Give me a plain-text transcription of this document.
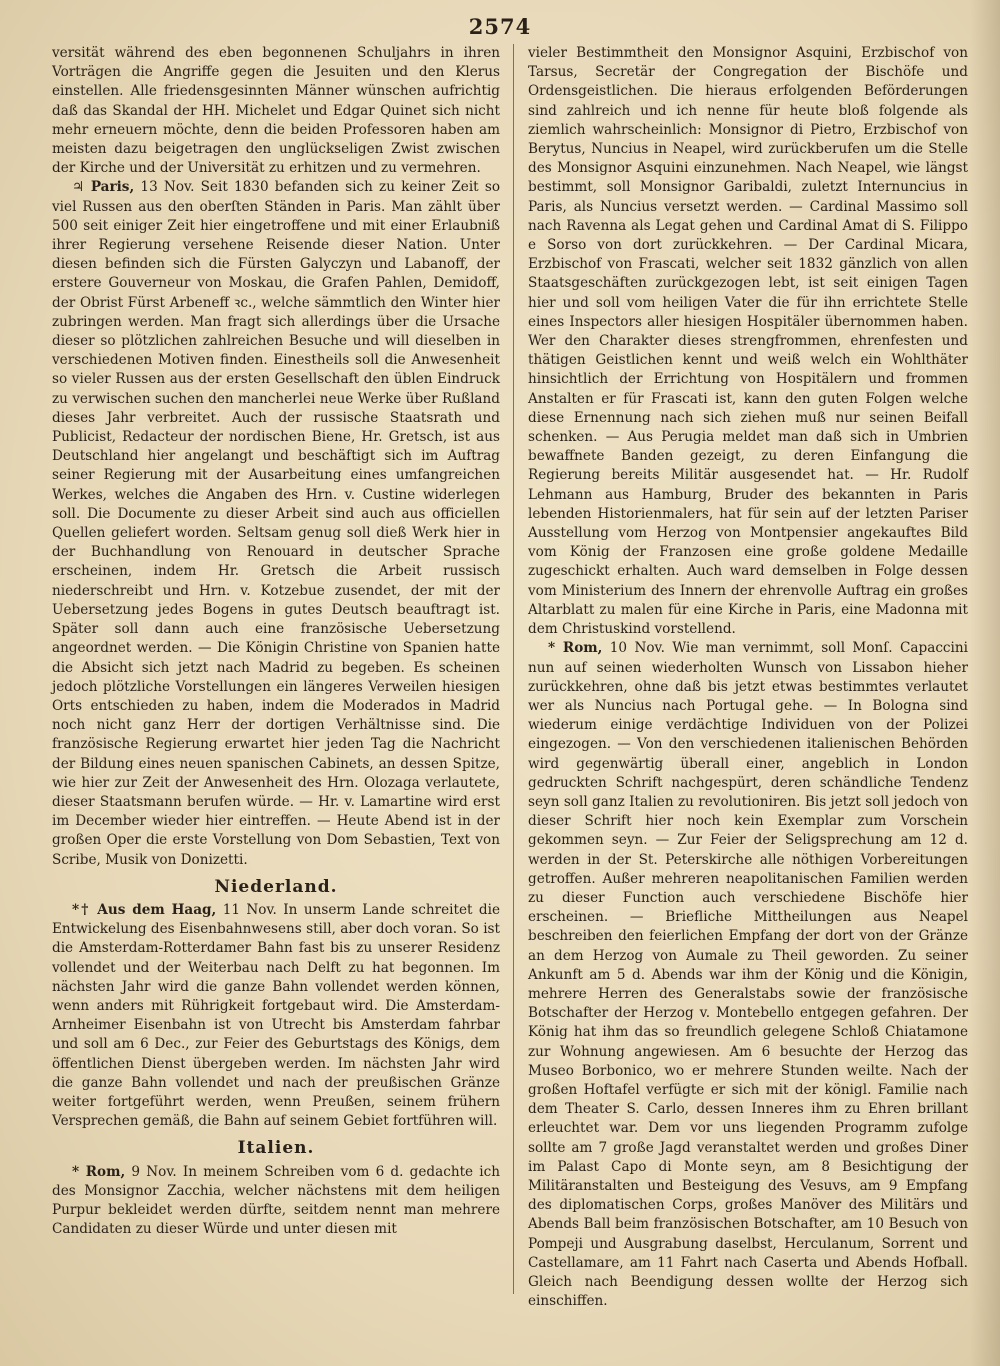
2574

versität während des eben begonnenen Schuljahrs in ihren Vorträgen die Angriffe gegen die Jesuiten und den Klerus einstellen. Alle friedensgesinnten Männer wünschen aufrichtig daß das Skandal der HH. Michelet und Edgar Quinet sich nicht mehr erneuern möchte, denn die beiden Professoren haben am meisten dazu beigetragen den unglückseligen Zwist zwischen der Kirche und der Universität zu erhitzen und zu vermehren.

♃ Paris, 13 Nov. Seit 1830 befanden sich zu keiner Zeit so viel Russen aus den oberſten Ständen in Paris. Man zählt über 500 seit einiger Zeit hier eingetroffene und mit einer Erlaubniß ihrer Regierung versehene Reisende dieser Nation. Unter diesen befinden sich die Fürsten Galyczyn und Labanoff, der erstere Gouverneur von Moskau, die Grafen Pahlen, Demidoff, der Obrist Fürst Arbeneff ꝛc., welche sämmtlich den Winter hier zubringen werden. Man fragt sich allerdings über die Ursache dieser so plötzlichen zahlreichen Besuche und will dieselben in verschiedenen Motiven finden. Einestheils soll die Anwesenheit so vieler Russen aus der ersten Gesellschaft den üblen Eindruck zu verwischen suchen den mancherlei neue Werke über Rußland dieses Jahr verbreitet. Auch der russische Staatsrath und Publicist, Redacteur der nordischen Biene, Hr. Gretsch, ist aus Deutschland hier angelangt und beschäftigt sich im Auftrag seiner Regierung mit der Ausarbeitung eines umfangreichen Werkes, welches die Angaben des Hrn. v. Custine widerlegen soll. Die Documente zu dieser Arbeit sind auch aus officiellen Quellen geliefert worden. Seltsam genug soll dieß Werk hier in der Buchhandlung von Renouard in deutscher Sprache erscheinen, indem Hr. Gretsch die Arbeit russisch niederschreibt und Hrn. v. Kotzebue zusendet, der mit der Uebersetzung jedes Bogens in gutes Deutsch beauftragt ist. Später soll dann auch eine französische Uebersetzung angeordnet werden. — Die Königin Christine von Spanien hatte die Absicht sich jetzt nach Madrid zu begeben. Es scheinen jedoch plötzliche Vorstellungen ein längeres Verweilen hiesigen Orts entschieden zu haben, indem die Moderados in Madrid noch nicht ganz Herr der dortigen Verhältnisse sind. Die französische Regierung erwartet hier jeden Tag die Nachricht der Bildung eines neuen spanischen Cabinets, an dessen Spitze, wie hier zur Zeit der Anwesenheit des Hrn. Olozaga verlautete, dieser Staatsmann berufen würde. — Hr. v. Lamartine wird erst im December wieder hier eintreffen. — Heute Abend ist in der großen Oper die erste Vorstellung von Dom Sebastien, Text von Scribe, Musik von Donizetti.

Niederland.

*† Aus dem Haag, 11 Nov. In unserm Lande schreitet die Entwickelung des Eisenbahnwesens still, aber doch voran. So ist die Amsterdam-Rotterdamer Bahn fast bis zu unserer Residenz vollendet und der Weiterbau nach Delft zu hat begonnen. Im nächsten Jahr wird die ganze Bahn vollendet werden können, wenn anders mit Rührigkeit fortgebaut wird. Die Amsterdam-Arnheimer Eisenbahn ist von Utrecht bis Amsterdam fahrbar und soll am 6 Dec., zur Feier des Geburtstags des Königs, dem öffentlichen Dienst übergeben werden. Im nächsten Jahr wird die ganze Bahn vollendet und nach der preußischen Gränze weiter fortgeführt werden, wenn Preußen, seinem frühern Versprechen gemäß, die Bahn auf seinem Gebiet fortführen will.

Italien.

* Rom, 9 Nov. In meinem Schreiben vom 6 d. gedachte ich des Monsignor Zacchia, welcher nächstens mit dem heiligen Purpur bekleidet werden dürfte, seitdem nennt man mehrere Candidaten zu dieser Würde und unter diesen mit

vieler Bestimmtheit den Monsignor Asquini, Erzbischof von Tarsus, Secretär der Congregation der Bischöfe und Ordensgeistlichen. Die hieraus erfolgenden Beförderungen sind zahlreich und ich nenne für heute bloß folgende als ziemlich wahrscheinlich: Monsignor di Pietro, Erzbischof von Berytus, Nuncius in Neapel, wird zurückberufen um die Stelle des Monsignor Asquini einzunehmen. Nach Neapel, wie längst bestimmt, soll Monsignor Garibaldi, zuletzt Internuncius in Paris, als Nuncius versetzt werden. — Cardinal Massimo soll nach Ravenna als Legat gehen und Cardinal Amat di S. Filippo e Sorso von dort zurückkehren. — Der Cardinal Micara, Erzbischof von Frascati, welcher seit 1832 gänzlich von allen Staatsgeschäften zurückgezogen lebt, ist seit einigen Tagen hier und soll vom heiligen Vater die für ihn errichtete Stelle eines Inspectors aller hiesigen Hospitäler übernommen haben. Wer den Charakter dieses strengfrommen, ehrenfesten und thätigen Geistlichen kennt und weiß welch ein Wohlthäter hinsichtlich der Errichtung von Hospitälern und frommen Anstalten er für Frascati ist, kann den guten Folgen welche diese Ernennung nach sich ziehen muß nur seinen Beifall schenken. — Aus Perugia meldet man daß sich in Umbrien bewaffnete Banden gezeigt, zu deren Einfangung die Regierung bereits Militär ausgesendet hat. — Hr. Rudolf Lehmann aus Hamburg, Bruder des bekannten in Paris lebenden Historienmalers, hat für sein auf der letzten Pariser Ausstellung vom Herzog von Montpensier angekauftes Bild vom König der Franzosen eine große goldene Medaille zugeschickt erhalten. Auch ward demselben in Folge dessen vom Ministerium des Innern der ehrenvolle Auftrag ein großes Altarblatt zu malen für eine Kirche in Paris, eine Madonna mit dem Christuskind vorstellend.

* Rom, 10 Nov. Wie man vernimmt, soll Monſ. Capaccini nun auf seinen wiederholten Wunsch von Lissabon hieher zurückkehren, ohne daß bis jetzt etwas bestimmtes verlautet wer als Nuncius nach Portugal gehe. — In Bologna sind wiederum einige verdächtige Individuen von der Polizei eingezogen. — Von den verschiedenen italienischen Behörden wird gegenwärtig überall einer, angeblich in London gedruckten Schrift nachgespürt, deren schändliche Tendenz seyn soll ganz Italien zu revolutioniren. Bis jetzt soll jedoch von dieser Schrift hier noch kein Exemplar zum Vorschein gekommen seyn. — Zur Feier der Seligsprechung am 12 d. werden in der St. Peterskirche alle nöthigen Vorbereitungen getroffen. Außer mehreren neapolitanischen Familien werden zu dieser Function auch verschiedene Bischöfe hier erscheinen. — Briefliche Mittheilungen aus Neapel beschreiben den feierlichen Empfang der dort von der Gränze an dem Herzog von Aumale zu Theil geworden. Zu seiner Ankunft am 5 d. Abends war ihm der König und die Königin, mehrere Herren des Generalstabs sowie der französische Botschafter der Herzog v. Montebello entgegen gefahren. Der König hat ihm das so freundlich gelegene Schloß Chiatamone zur Wohnung angewiesen. Am 6 besuchte der Herzog das Museo Borbonico, wo er mehrere Stunden weilte. Nach der großen Hoftafel verfügte er sich mit der königl. Familie nach dem Theater S. Carlo, dessen Inneres ihm zu Ehren brillant erleuchtet war. Dem vor uns liegenden Programm zufolge sollte am 7 große Jagd veranstaltet werden und großes Diner im Palast Capo di Monte seyn, am 8 Besichtigung der Militäranstalten und Besteigung des Vesuvs, am 9 Empfang des diplomatischen Corps, großes Manöver des Militärs und Abends Ball beim französischen Botschafter, am 10 Besuch von Pompeji und Ausgrabung daselbst, Herculanum, Sorrent und Castellamare, am 11 Fahrt nach Caserta und Abends Hofball. Gleich nach Beendigung dessen wollte der Herzog sich einschiffen.
